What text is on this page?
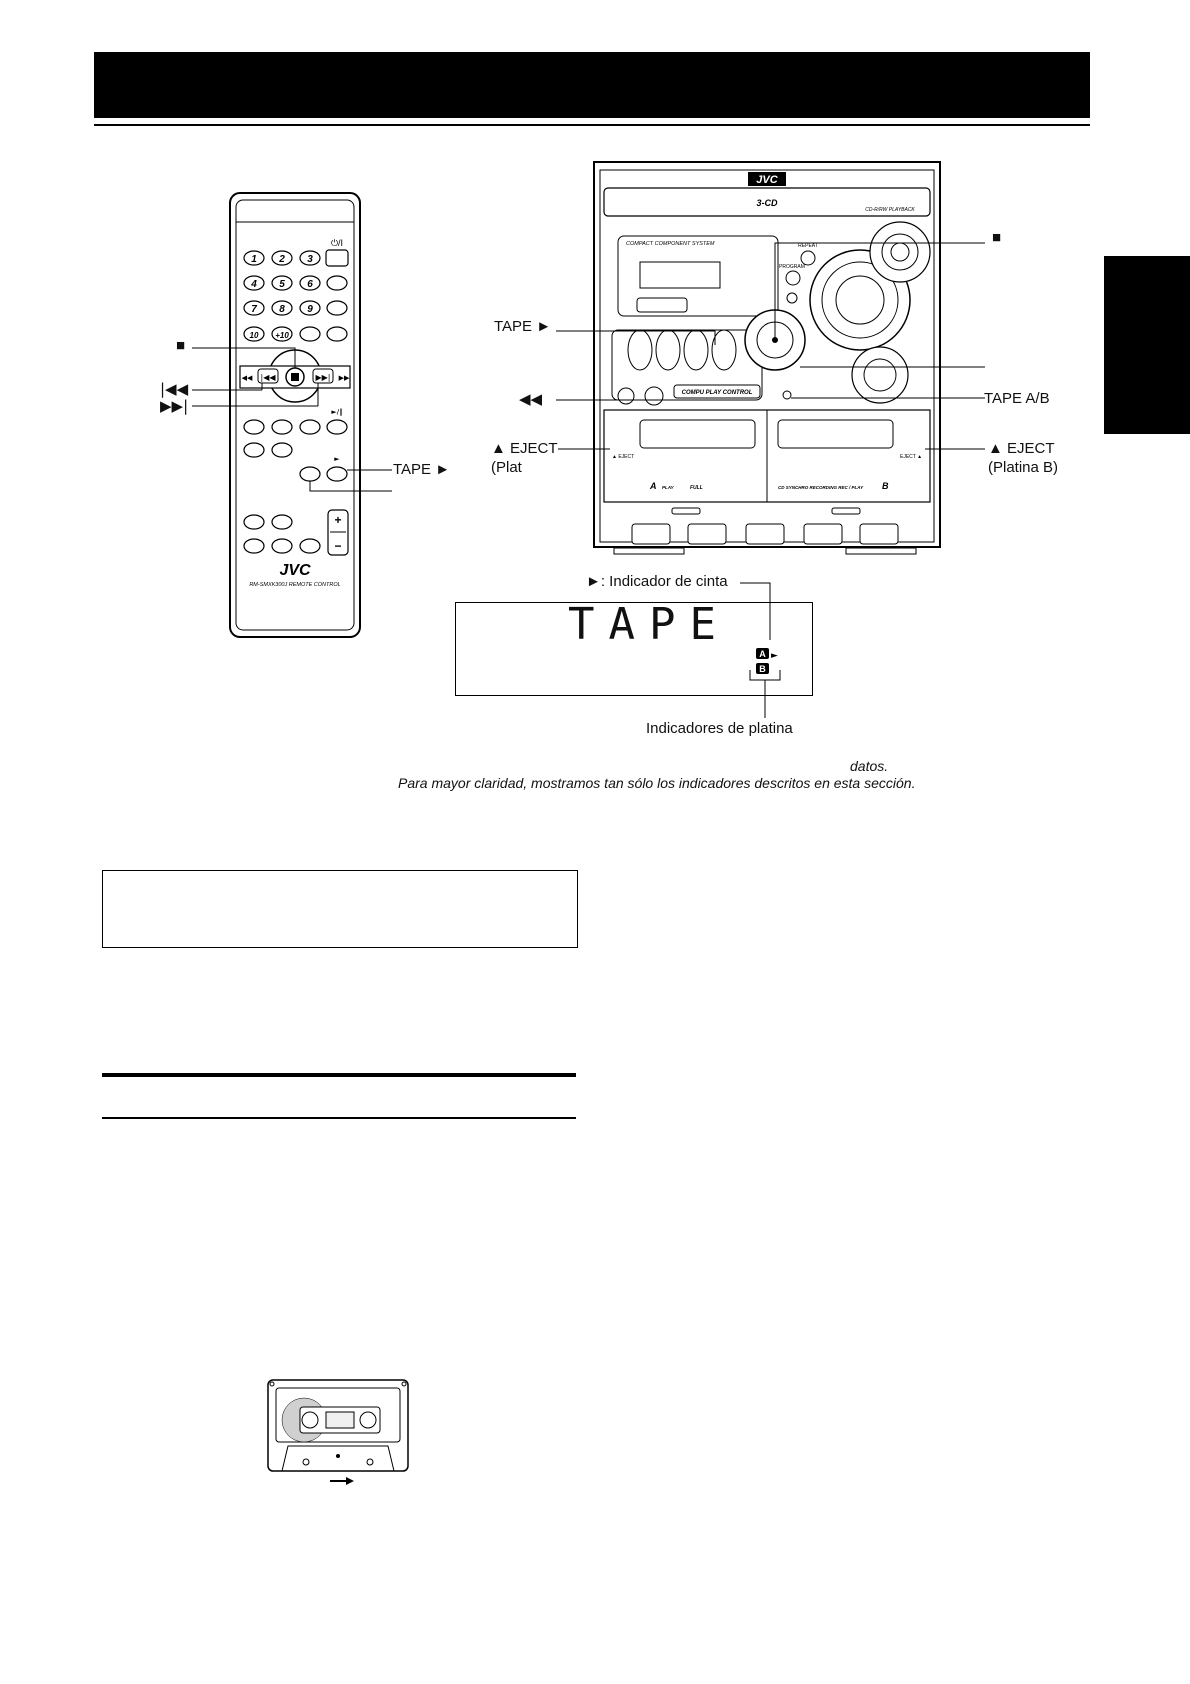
1 2 3
4 5 6
7 8 9
10 +10
⏻/I
|◀◀	▶▶|
◀◀	▶▶
+
−
►/‖
►
JVC
RM-SMXK300J REMOTE CONTROL
■
|◀◀
▶▶|
TAPE ►
JVC
3-CD
CD-R/RW PLAYBACK
COMPACT COMPONENT SYSTEM	REPEAT
PROGRAM
COMPU PLAY CONTROL
▲ EJECT	EJECT ▲
A PLAY	FULL	CD SYNCHRO RECORDING REC / PLAY B
■
TAPE ►
◀◀	TAPE A/B
▲ EJECT
(Plat
▲ EJECT
(Platina B)
►: Indicador de cinta
TAPE
A ►
B
Indicadores de platina
datos.
Para mayor claridad, mostramos tan sólo los indicadores descritos en esta sección.
